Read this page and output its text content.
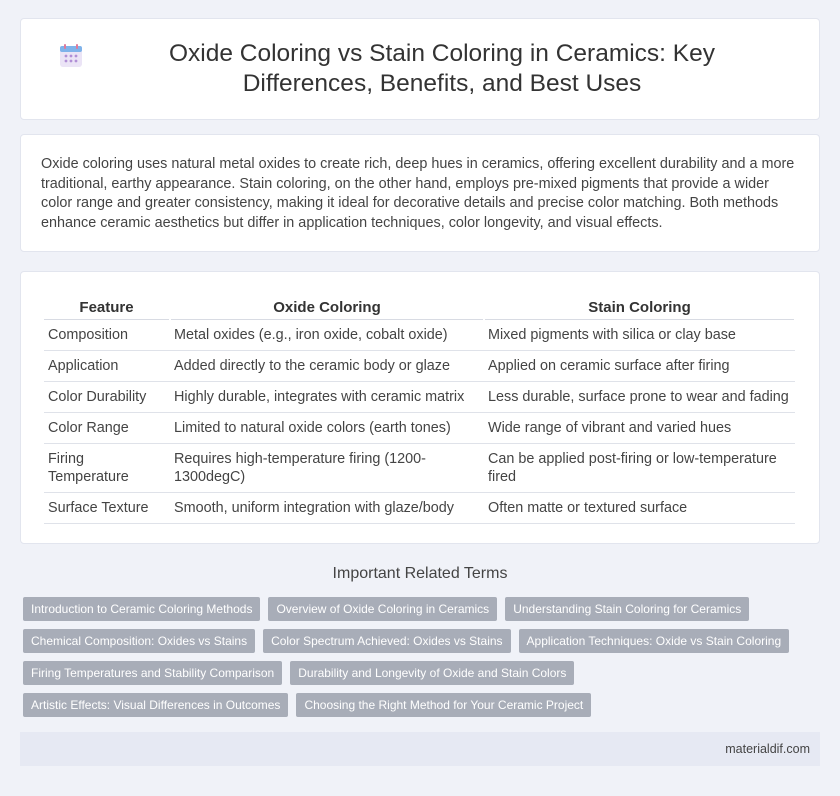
Oxide Coloring vs Stain Coloring in Ceramics: Key Differences, Benefits, and Best Uses

Oxide coloring uses natural metal oxides to create rich, deep hues in ceramics, offering excellent durability and a more traditional, earthy appearance. Stain coloring, on the other hand, employs pre-mixed pigments that provide a wider color range and greater consistency, making it ideal for decorative details and precise color matching. Both methods enhance ceramic aesthetics but differ in application techniques, color longevity, and visual effects.

Feature	Oxide Coloring	Stain Coloring
Composition	Metal oxides (e.g., iron oxide, cobalt oxide)	Mixed pigments with silica or clay base
Application	Added directly to the ceramic body or glaze	Applied on ceramic surface after firing
Color Durability	Highly durable, integrates with ceramic matrix	Less durable, surface prone to wear and fading
Color Range	Limited to natural oxide colors (earth tones)	Wide range of vibrant and varied hues
Firing Temperature	Requires high-temperature firing (1200-1300degC)	Can be applied post-firing or low-temperature fired
Surface Texture	Smooth, uniform integration with glaze/body	Often matte or textured surface
Important Related Terms
Introduction to Ceramic Coloring Methods	Overview of Oxide Coloring in Ceramics	Understanding Stain Coloring for Ceramics
Chemical Composition: Oxides vs Stains	Color Spectrum Achieved: Oxides vs Stains	Application Techniques: Oxide vs Stain Coloring
Firing Temperatures and Stability Comparison	Durability and Longevity of Oxide and Stain Colors
Artistic Effects: Visual Differences in Outcomes	Choosing the Right Method for Your Ceramic Project
materialdif.com
